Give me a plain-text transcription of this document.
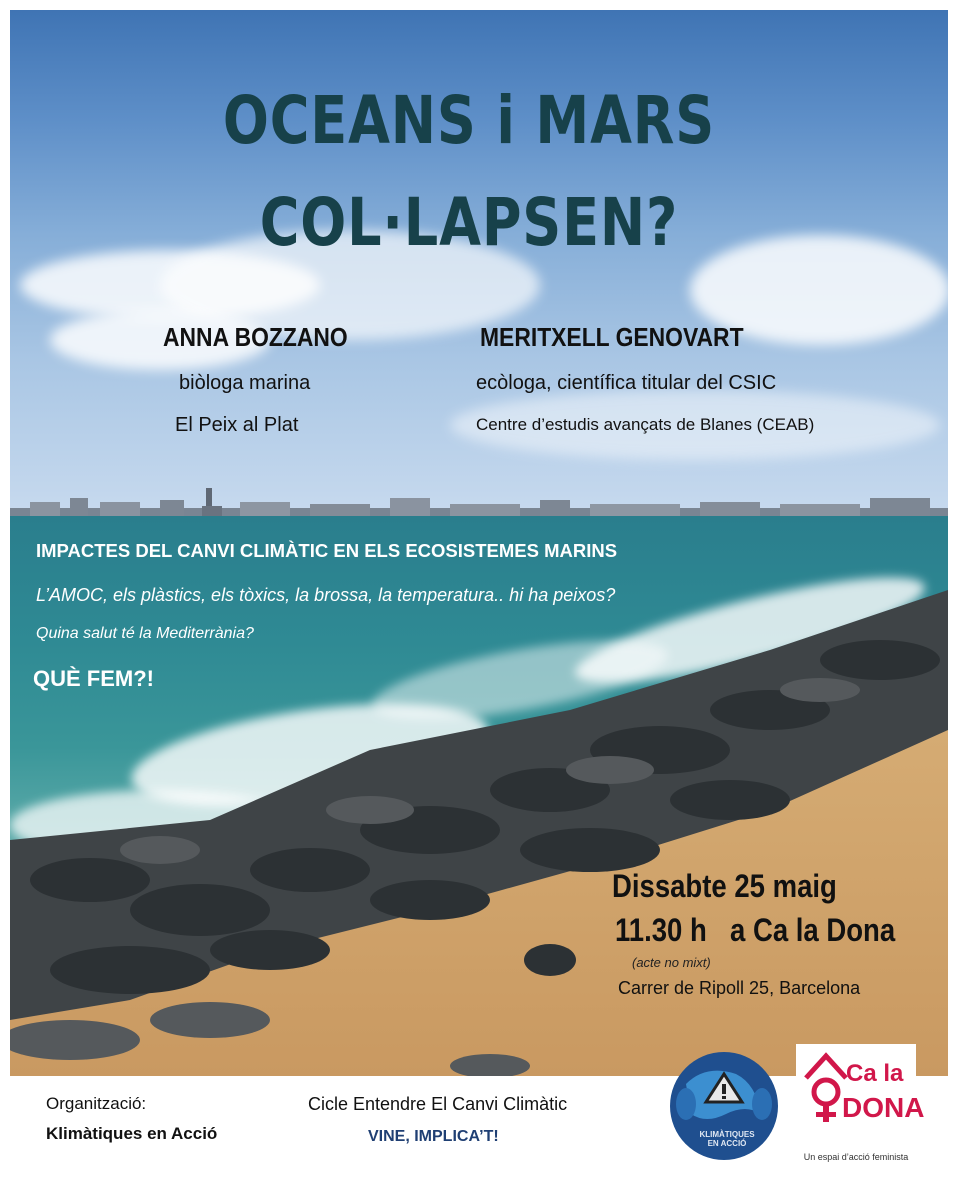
OCEANS i MARS
COL·LAPSEN?
ANNA BOZZANO
biòloga marina
El Peix al Plat
MERITXELL GENOVART
ecòloga, científica titular del CSIC
Centre d’estudis avançats de Blanes (CEAB)
IMPACTES DEL CANVI CLIMÀTIC EN ELS ECOSISTEMES MARINS
L’AMOC, els plàstics, els tòxics, la brossa, la temperatura.. hi ha peixos?
Quina salut té la Mediterrània?
QUÈ FEM?!
Dissabte 25 maig
11.30 h a Ca la Dona
(acte no mixt)
Carrer de Ripoll 25, Barcelona
Organització:
Klimàtiques en Acció
Cicle Entendre El Canvi Climàtic
VINE, IMPLICA’T!	KLIMÀTIQUES EN ACCIÓ
Ca la
DONA
Un espai d’acció feminista
